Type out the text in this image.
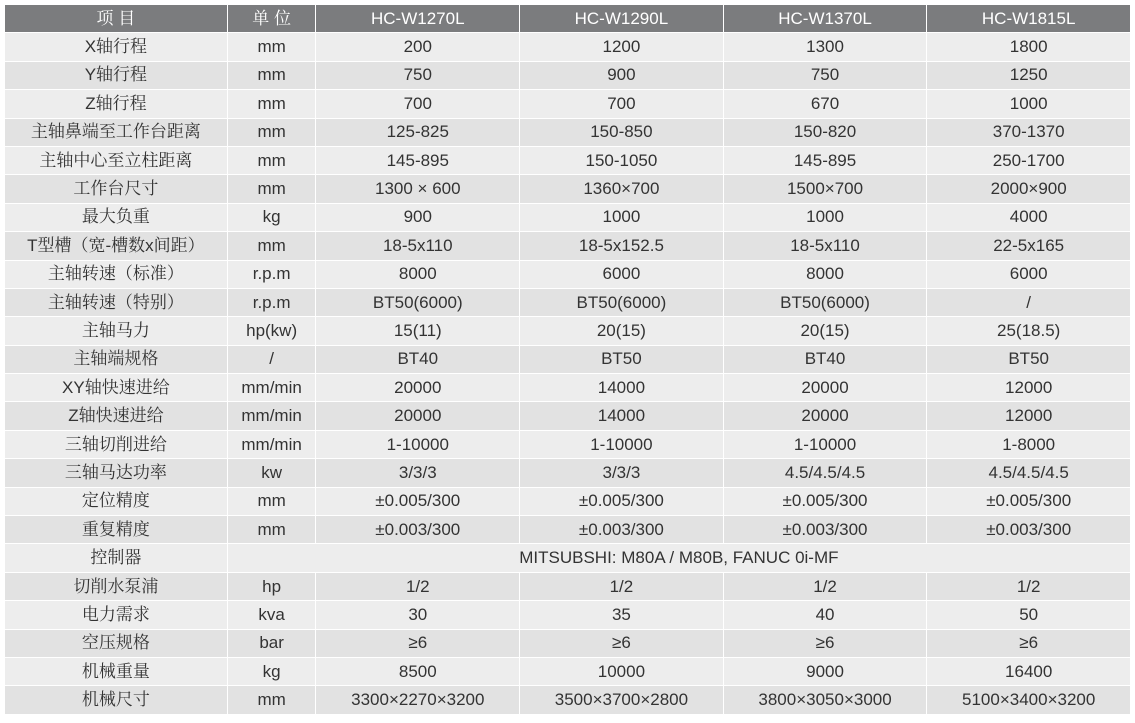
项 目	单 位	HC-W1270L	HC-W1290L	HC-W1370L	HC-W1815L
X轴行程	mm	200	1200	1300	1800
Y轴行程	mm	750	900	750	1250
Z轴行程	mm	700	700	670	1000
主轴鼻端至工作台距离	mm	125-825	150-850	150-820	370-1370
主轴中心至立柱距离	mm	145-895	150-1050	145-895	250-1700
工作台尺寸	mm	1300 × 600	1360×700	1500×700	2000×900
最大负重	kg	900	1000	1000	4000
T型槽（宽-槽数x间距）	mm	18-5x110	18-5x152.5	18-5x110	22-5x165
主轴转速（标准）	r.p.m	8000	6000	8000	6000
主轴转速（特别）	r.p.m	BT50(6000)	BT50(6000)	BT50(6000)	/
主轴马力	hp(kw)	15(11)	20(15)	20(15)	25(18.5)
主轴端规格	/	BT40	BT50	BT40	BT50
XY轴快速进给	mm/min	20000	14000	20000	12000
Z轴快速进给	mm/min	20000	14000	20000	12000
三轴切削进给	mm/min	1-10000	1-10000	1-10000	1-8000
三轴马达功率	kw	3/3/3	3/3/3	4.5/4.5/4.5	4.5/4.5/4.5
定位精度	mm	±0.005/300	±0.005/300	±0.005/300	±0.005/300
重复精度	mm	±0.003/300	±0.003/300	±0.003/300	±0.003/300
控制器	MITSUBSHI: M80A / M80B, FANUC 0i-MF				
切削水泵浦	hp	1/2	1/2	1/2	1/2
电力需求	kva	30	35	40	50
空压规格	bar	≥6	≥6	≥6	≥6
机械重量	kg	8500	10000	9000	16400
机械尺寸	mm	3300×2270×3200	3500×3700×2800	3800×3050×3000	5100×3400×3200
